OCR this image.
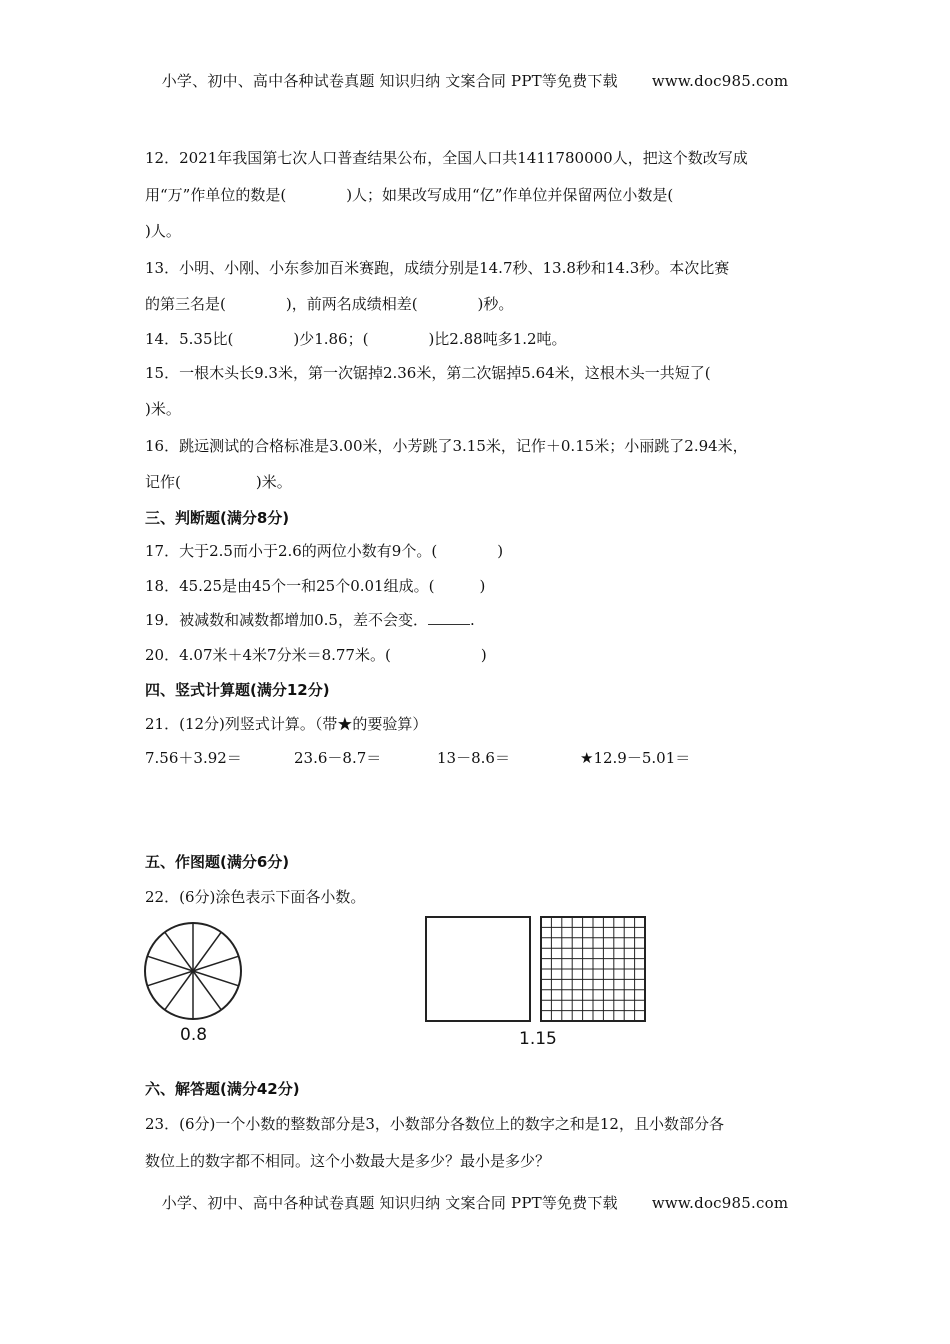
小学、初中、高中各种试卷真题 知识归纳 文案合同 PPT等免费下载 www.doc985.com
12．2021年我国第七次人口普查结果公布，全国人口共1411780000人，把这个数改写成
用“万”作单位的数是(　　　　)人；如果改写成用“亿”作单位并保留两位小数是(
)人。
13．小明、小刚、小东参加百米赛跑，成绩分别是14.7秒、13.8秒和14.3秒。本次比赛
的第三名是(　　　　)，前两名成绩相差(　　　　)秒。
14．5.35比(　　　　)少1.86；(　　　　)比2.88吨多1.2吨。
15．一根木头长9.3米，第一次锯掉2.36米，第二次锯掉5.64米，这根木头一共短了(
)米。
16．跳远测试的合格标准是3.00米，小芳跳了3.15米，记作＋0.15米；小丽跳了2.94米，
记作(　　　　　)米。
三、判断题(满分8分)
17．大于2.5而小于2.6的两位小数有9个。(　　　　)
18．45.25是由45个一和25个0.01组成。(　　　)
19．被减数和减数都增加0.5，差不会变．	.
20．4.07米＋4米7分米＝8.77米。(　　　　　　)
四、竖式计算题(满分12分)
21．(12分)列竖式计算。（带★的要验算）
7.56＋3.92＝	23.6－8.7＝	13－8.6＝	★12.9－5.01＝
五、作图题(满分6分)
22．(6分)涂色表示下面各小数。
0.8	1.15
六、解答题(满分42分)
23．(6分)一个小数的整数部分是3，小数部分各数位上的数字之和是12，且小数部分各
数位上的数字都不相同。这个小数最大是多少？最小是多少？
小学、初中、高中各种试卷真题 知识归纳 文案合同 PPT等免费下载 www.doc985.com
